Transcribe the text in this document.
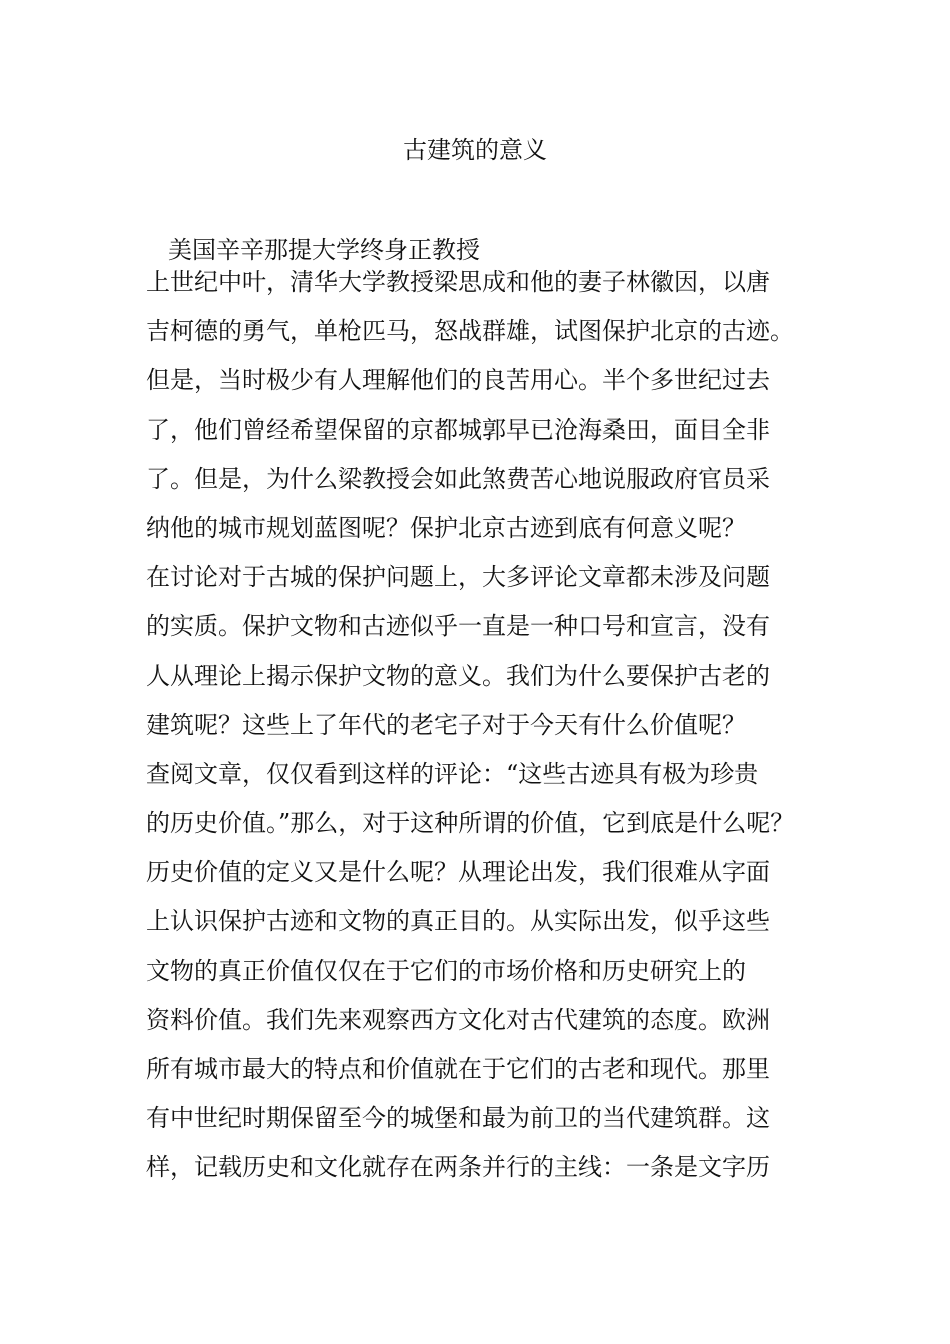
古建筑的意义
美国辛辛那提大学终身正教授
上世纪中叶，清华大学教授梁思成和他的妻子林徽因，以唐
吉柯德的勇气，单枪匹马，怒战群雄，试图保护北京的古迹。
但是，当时极少有人理解他们的良苦用心。半个多世纪过去
了，他们曾经希望保留的京都城郭早已沧海桑田，面目全非
了。但是，为什么梁教授会如此煞费苦心地说服政府官员采
纳他的城市规划蓝图呢？保护北京古迹到底有何意义呢？
在讨论对于古城的保护问题上，大多评论文章都未涉及问题
的实质。保护文物和古迹似乎一直是一种口号和宣言，没有
人从理论上揭示保护文物的意义。我们为什么要保护古老的
建筑呢？这些上了年代的老宅子对于今天有什么价值呢？
查阅文章，仅仅看到这样的评论：“这些古迹具有极为珍贵
的历史价值。”那么，对于这种所谓的价值，它到底是什么呢？
历史价值的定义又是什么呢？从理论出发，我们很难从字面
上认识保护古迹和文物的真正目的。从实际出发，似乎这些
文物的真正价值仅仅在于它们的市场价格和历史研究上的
资料价值。我们先来观察西方文化对古代建筑的态度。欧洲
所有城市最大的特点和价值就在于它们的古老和现代。那里
有中世纪时期保留至今的城堡和最为前卫的当代建筑群。这
样，记载历史和文化就存在两条并行的主线：一条是文字历
